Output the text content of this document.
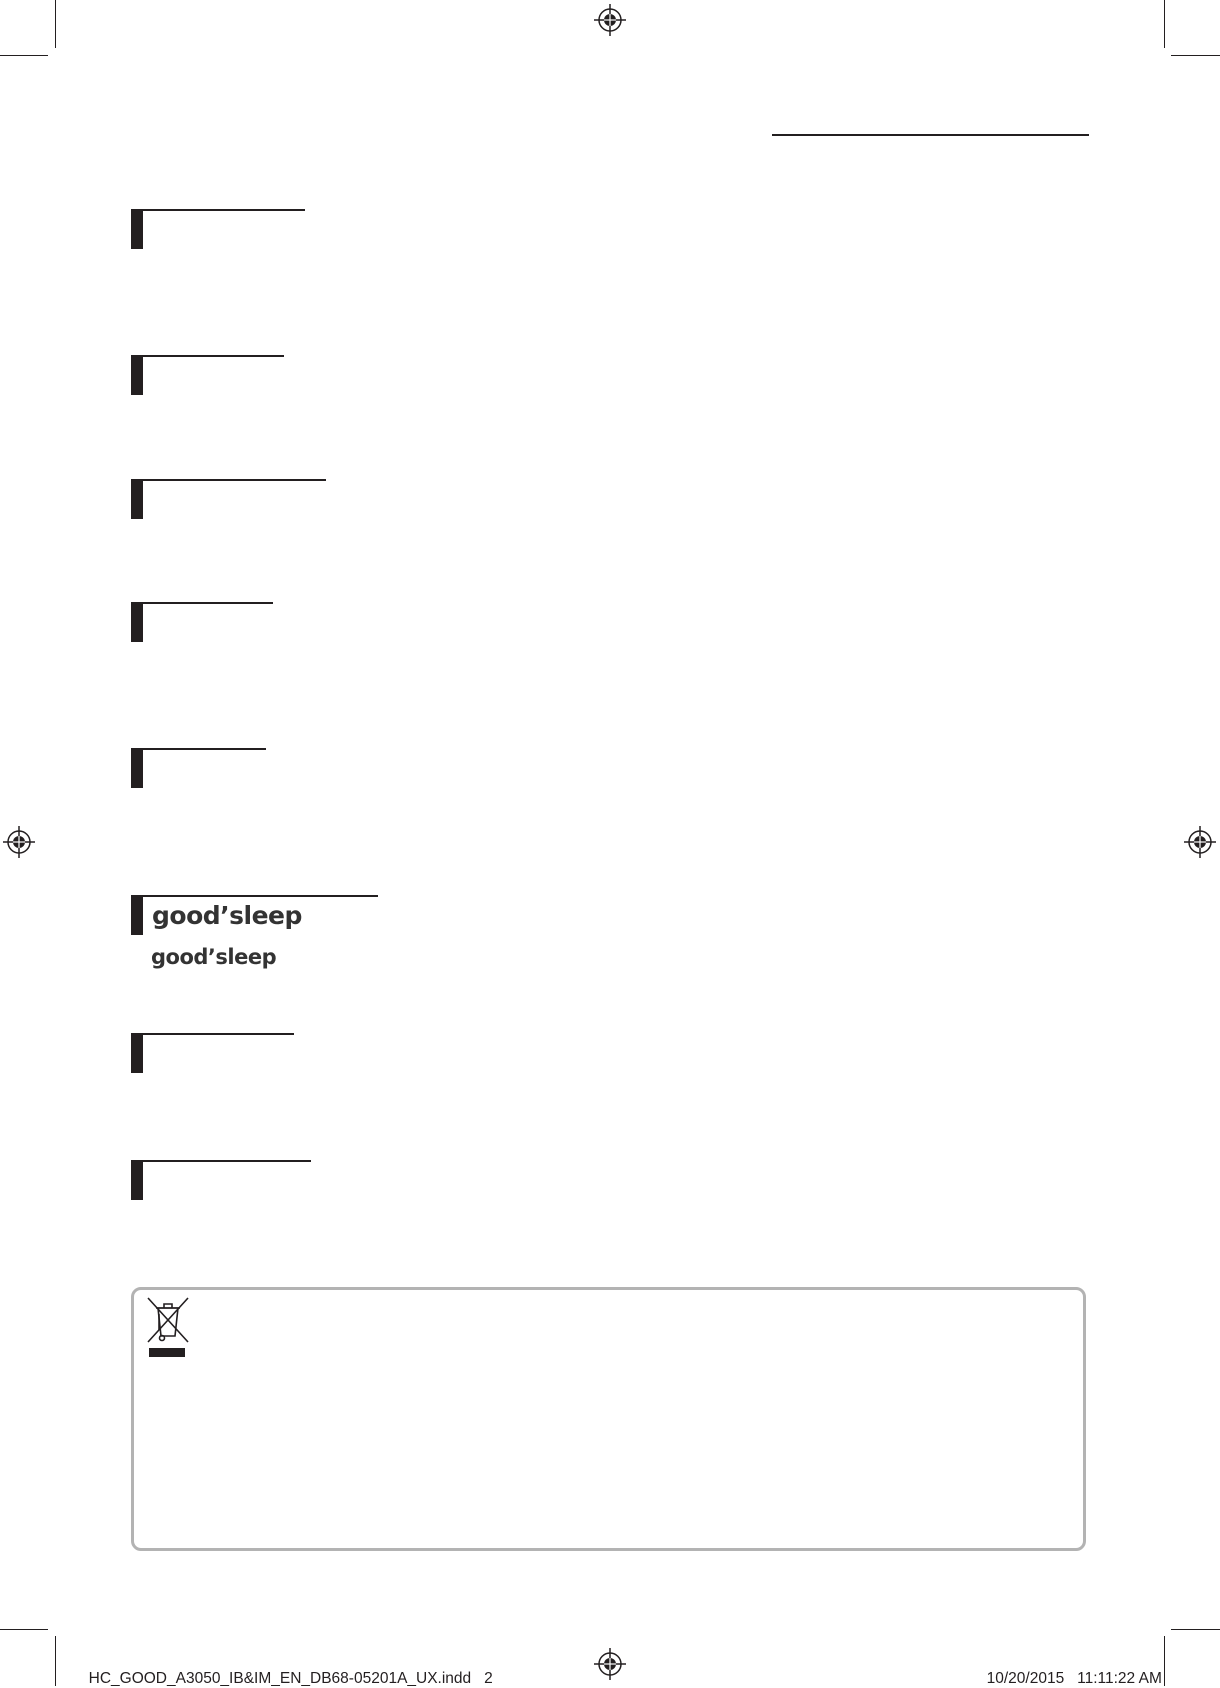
good’sleep
good’sleep

HC_GOOD_A3050_IB&IM_EN_DB68-05201A_UX.indd 2	10/20/2015 11:11:22 AM
